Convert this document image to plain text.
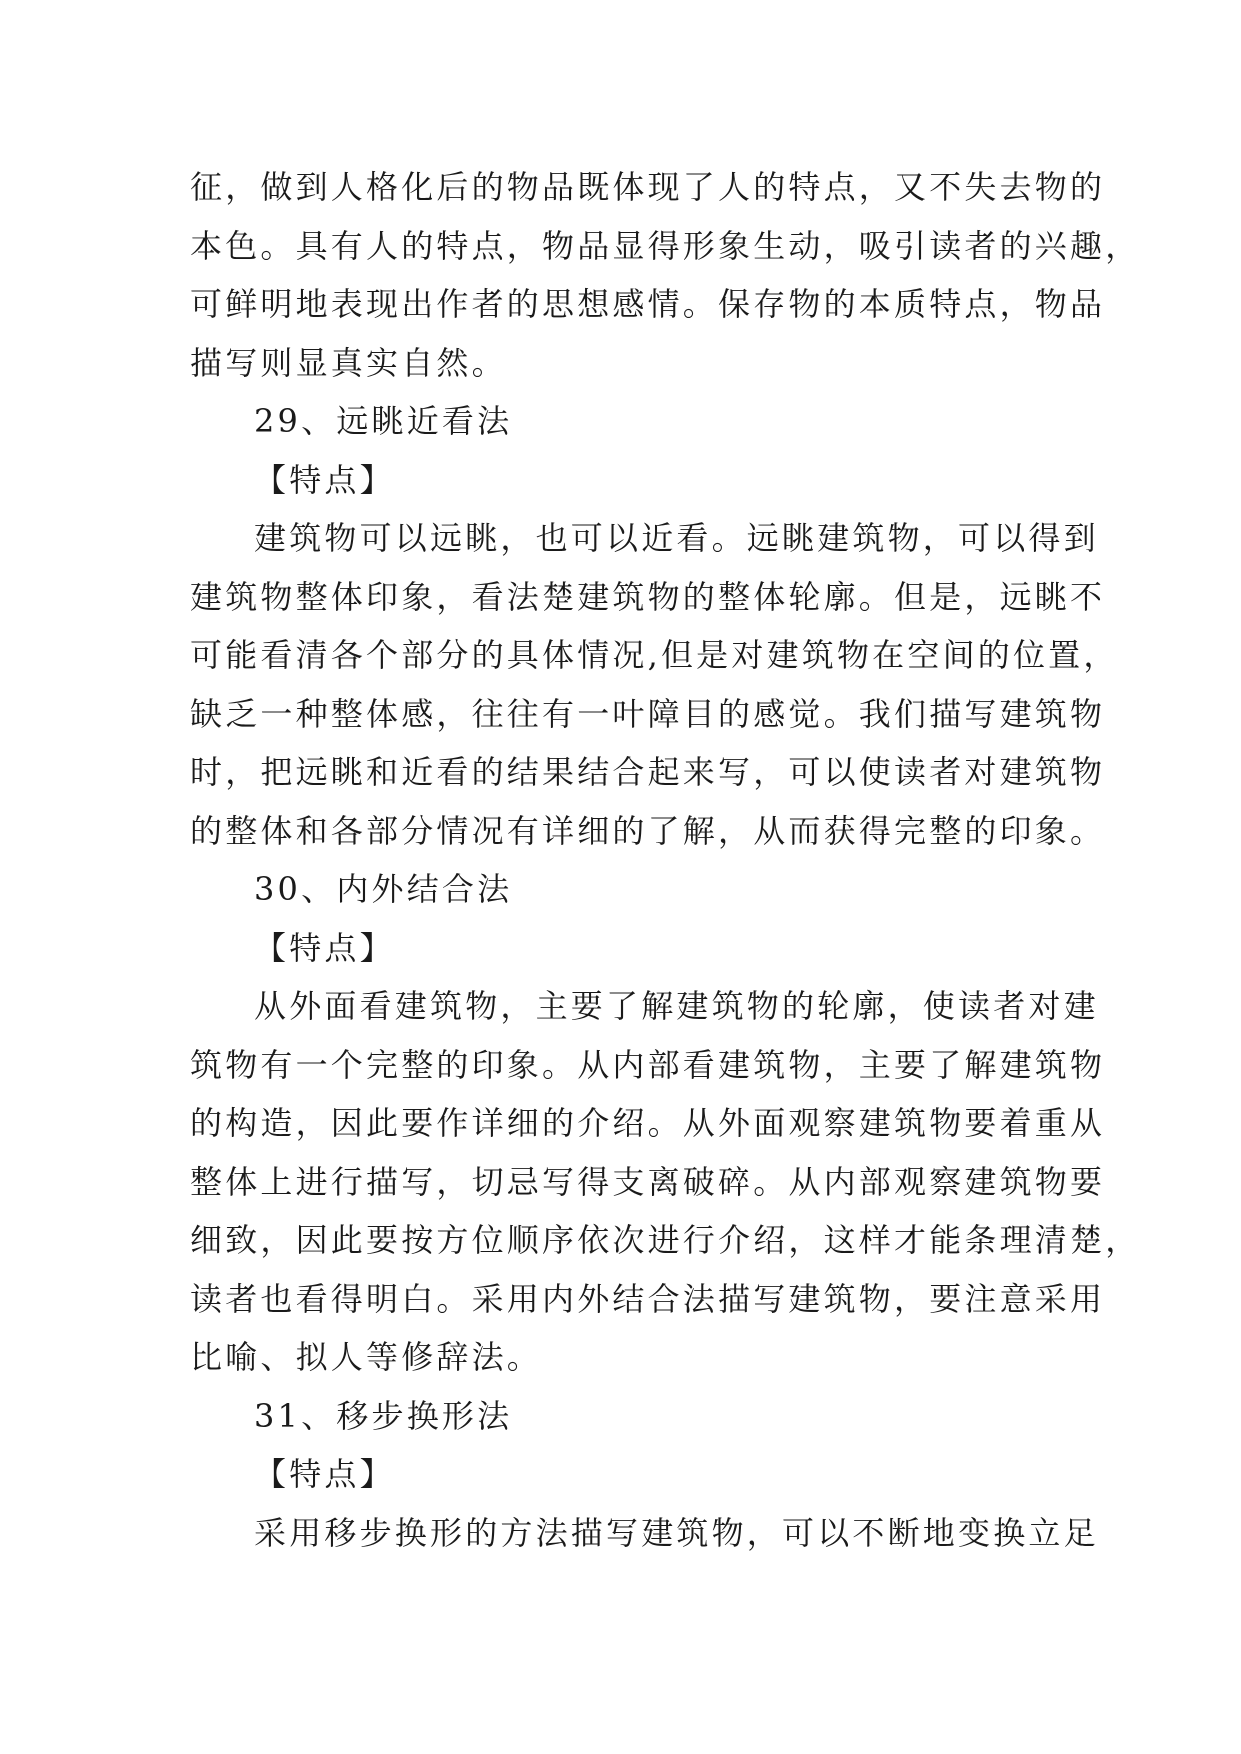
征，做到人格化后的物品既体现了人的特点，又不失去物的
本色。具有人的特点，物品显得形象生动，吸引读者的兴趣，
可鲜明地表现出作者的思想感情。保存物的本质特点，物品
描写则显真实自然。
29、远眺近看法
【特点】
建筑物可以远眺，也可以近看。远眺建筑物，可以得到
建筑物整体印象，看法楚建筑物的整体轮廓。但是，远眺不
可能看清各个部分的具体情况,但是对建筑物在空间的位置，
缺乏一种整体感，往往有一叶障目的感觉。我们描写建筑物
时，把远眺和近看的结果结合起来写，可以使读者对建筑物
的整体和各部分情况有详细的了解，从而获得完整的印象。
30、内外结合法
【特点】
从外面看建筑物，主要了解建筑物的轮廓，使读者对建
筑物有一个完整的印象。从内部看建筑物，主要了解建筑物
的构造，因此要作详细的介绍。从外面观察建筑物要着重从
整体上进行描写，切忌写得支离破碎。从内部观察建筑物要
细致，因此要按方位顺序依次进行介绍，这样才能条理清楚，
读者也看得明白。采用内外结合法描写建筑物，要注意采用
比喻、拟人等修辞法。
31、移步换形法
【特点】
采用移步换形的方法描写建筑物，可以不断地变换立足
